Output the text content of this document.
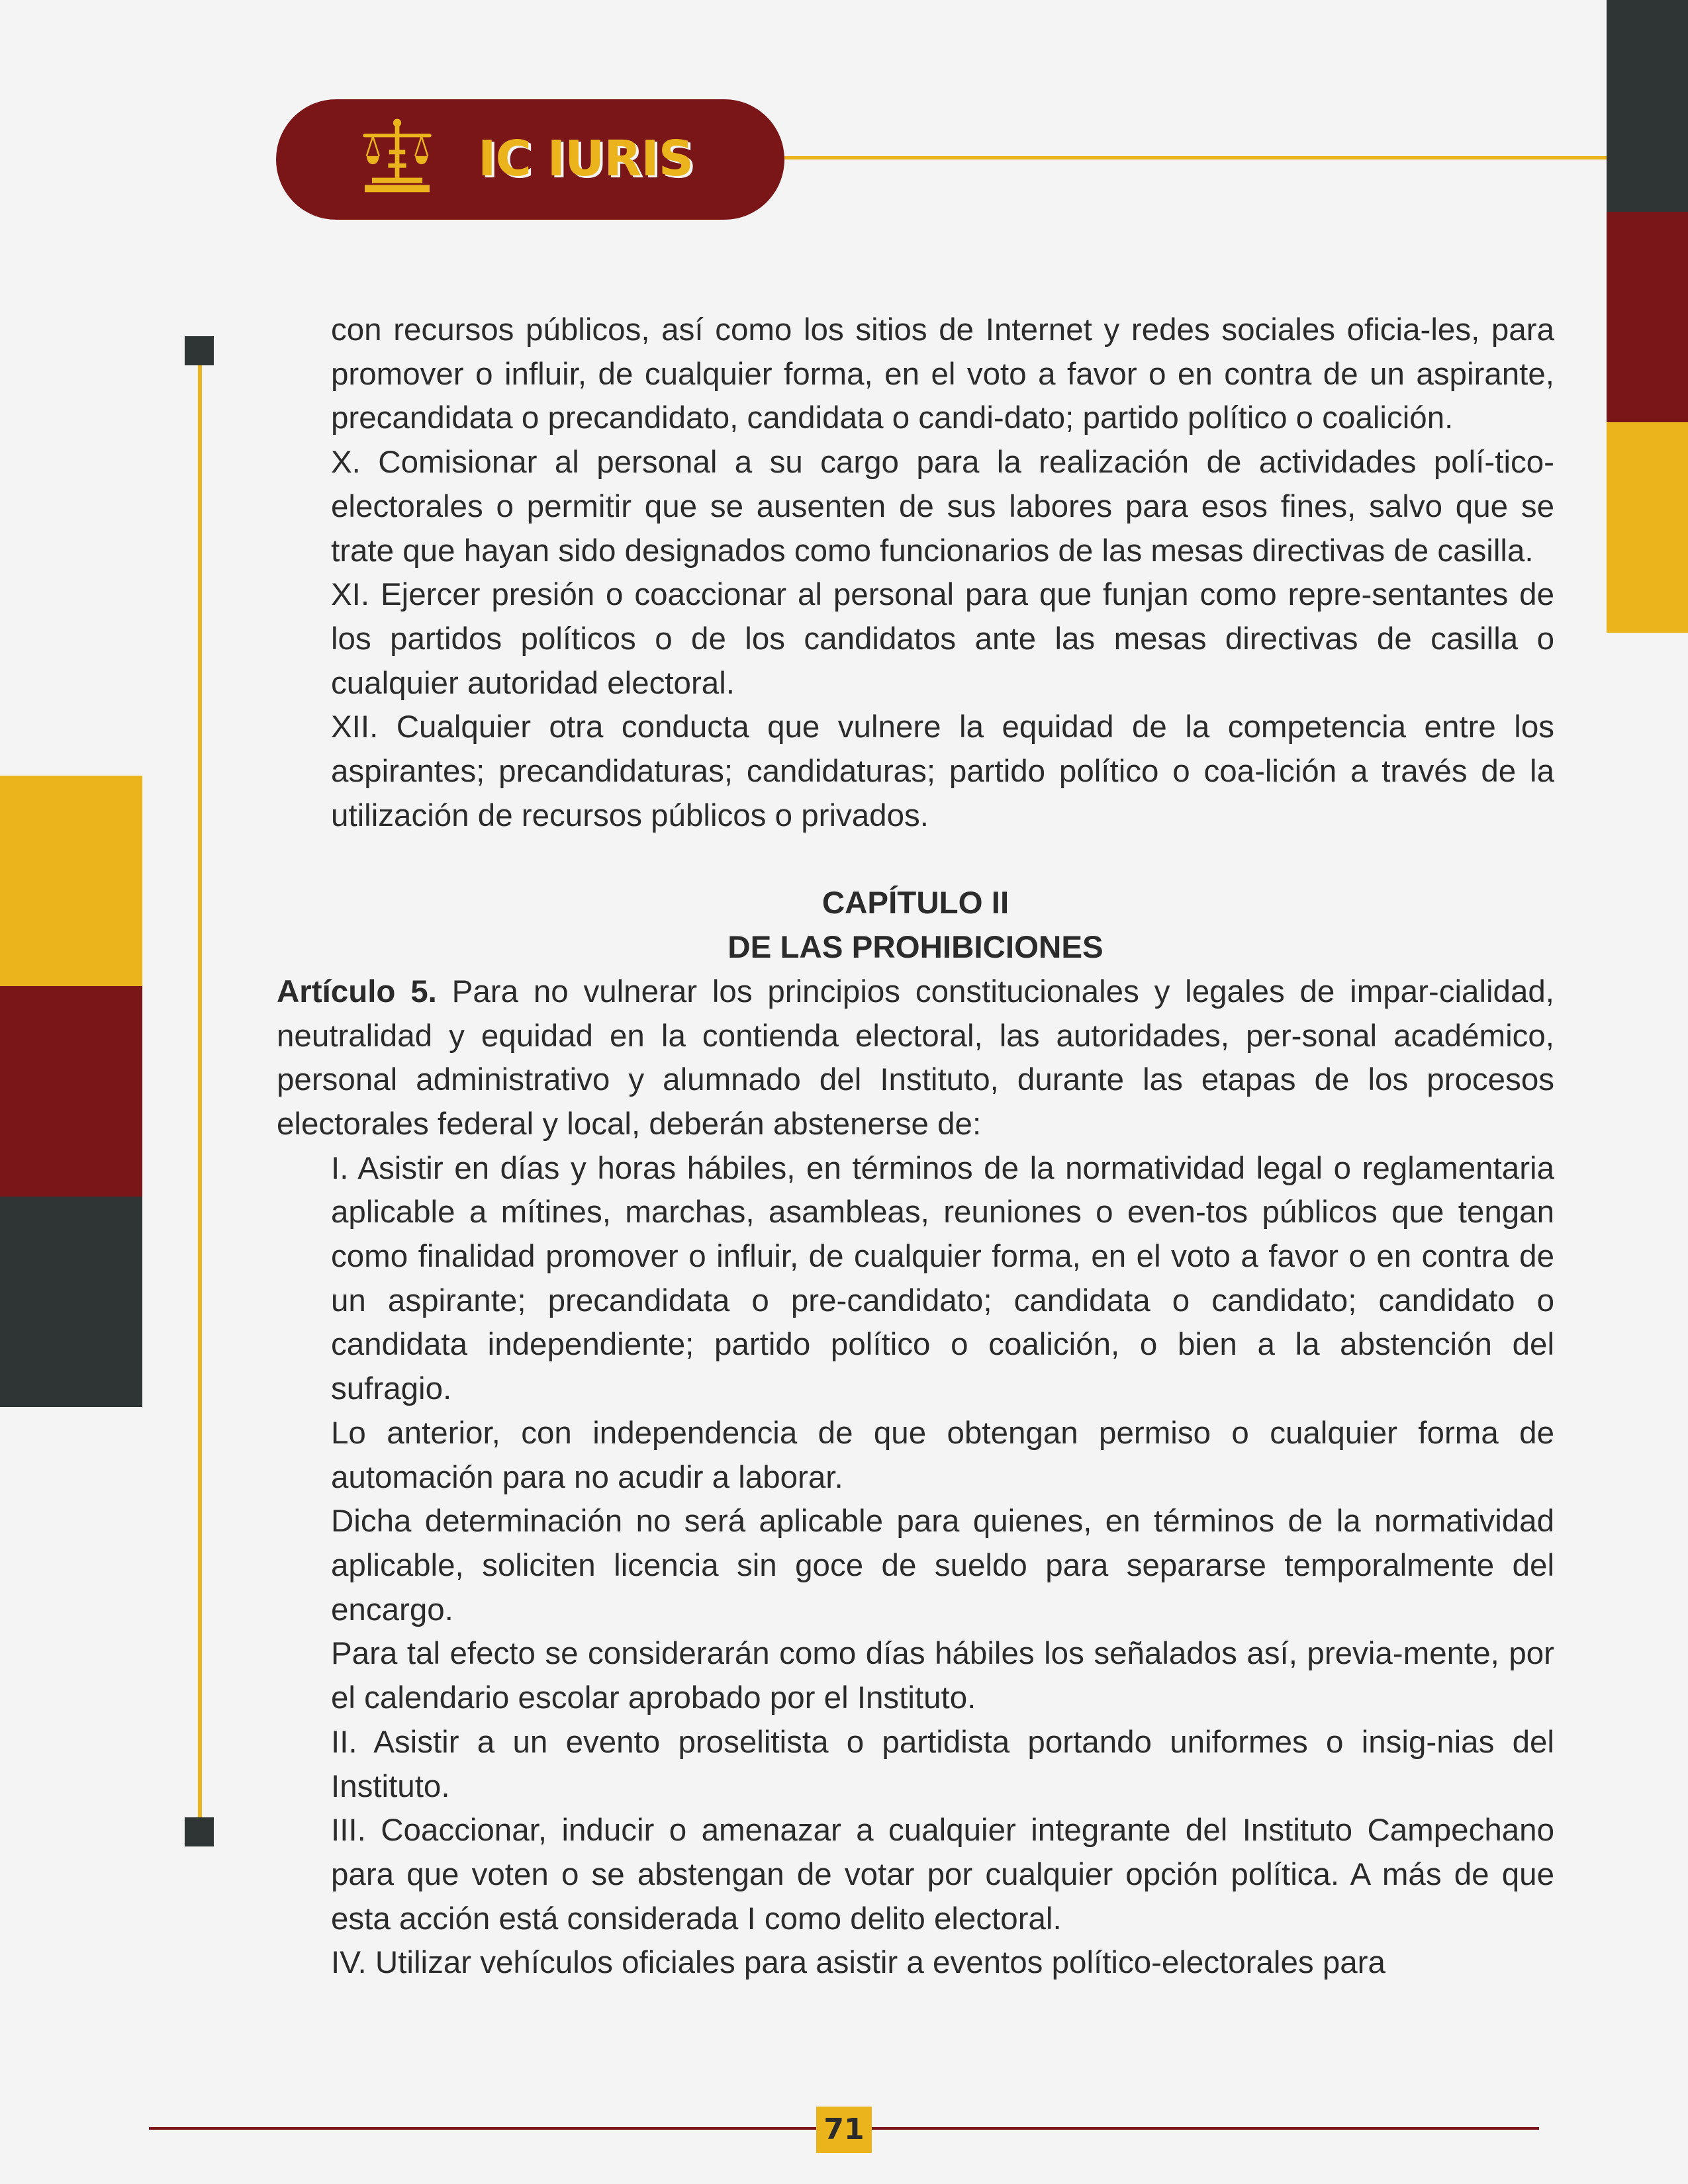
IC IURIS

con recursos públicos, así como los sitios de Internet y redes sociales oficia-les, para promover o influir, de cualquier forma, en el voto a favor o en contra de un aspirante, precandidata o precandidato, candidata o candi-dato; partido político o coalición.

X. Comisionar al personal a su cargo para la realización de actividades polí-tico-electorales o permitir que se ausenten de sus labores para esos fines, salvo que se trate que hayan sido designados como funcionarios de las mesas directivas de casilla.

XI. Ejercer presión o coaccionar al personal para que funjan como repre-sentantes de los partidos políticos o de los candidatos ante las mesas directivas de casilla o cualquier autoridad electoral.

XII. Cualquier otra conducta que vulnere la equidad de la competencia entre los aspirantes; precandidaturas; candidaturas; partido político o coa-lición a través de la utilización de recursos públicos o privados.

CAPÍTULO II

DE LAS PROHIBICIONES

Artículo 5. Para no vulnerar los principios constitucionales y legales de impar-cialidad, neutralidad y equidad en la contienda electoral, las autoridades, per-sonal académico, personal administrativo y alumnado del Instituto, durante las etapas de los procesos electorales federal y local, deberán abstenerse de:

I. Asistir en días y horas hábiles, en términos de la normatividad legal o reglamentaria aplicable a mítines, marchas, asambleas, reuniones o even-tos públicos que tengan como finalidad promover o influir, de cualquier forma, en el voto a favor o en contra de un aspirante; precandidata o pre-candidato; candidata o candidato; candidato o candidata independiente; partido político o coalición, o bien a la abstención del sufragio.

Lo anterior, con independencia de que obtengan permiso o cualquier forma de automación para no acudir a laborar.

Dicha determinación no será aplicable para quienes, en términos de la normatividad aplicable, soliciten licencia sin goce de sueldo para separarse temporalmente del encargo.

Para tal efecto se considerarán como días hábiles los señalados así, previa-mente, por el calendario escolar aprobado por el Instituto.

II. Asistir a un evento proselitista o partidista portando uniformes o insig-nias del Instituto.

III. Coaccionar, inducir o amenazar a cualquier integrante del Instituto Campechano para que voten o se abstengan de votar por cualquier opción política. A más de que esta acción está considerada I como delito electoral.

IV. Utilizar vehículos oficiales para asistir a eventos político-electorales para

71
